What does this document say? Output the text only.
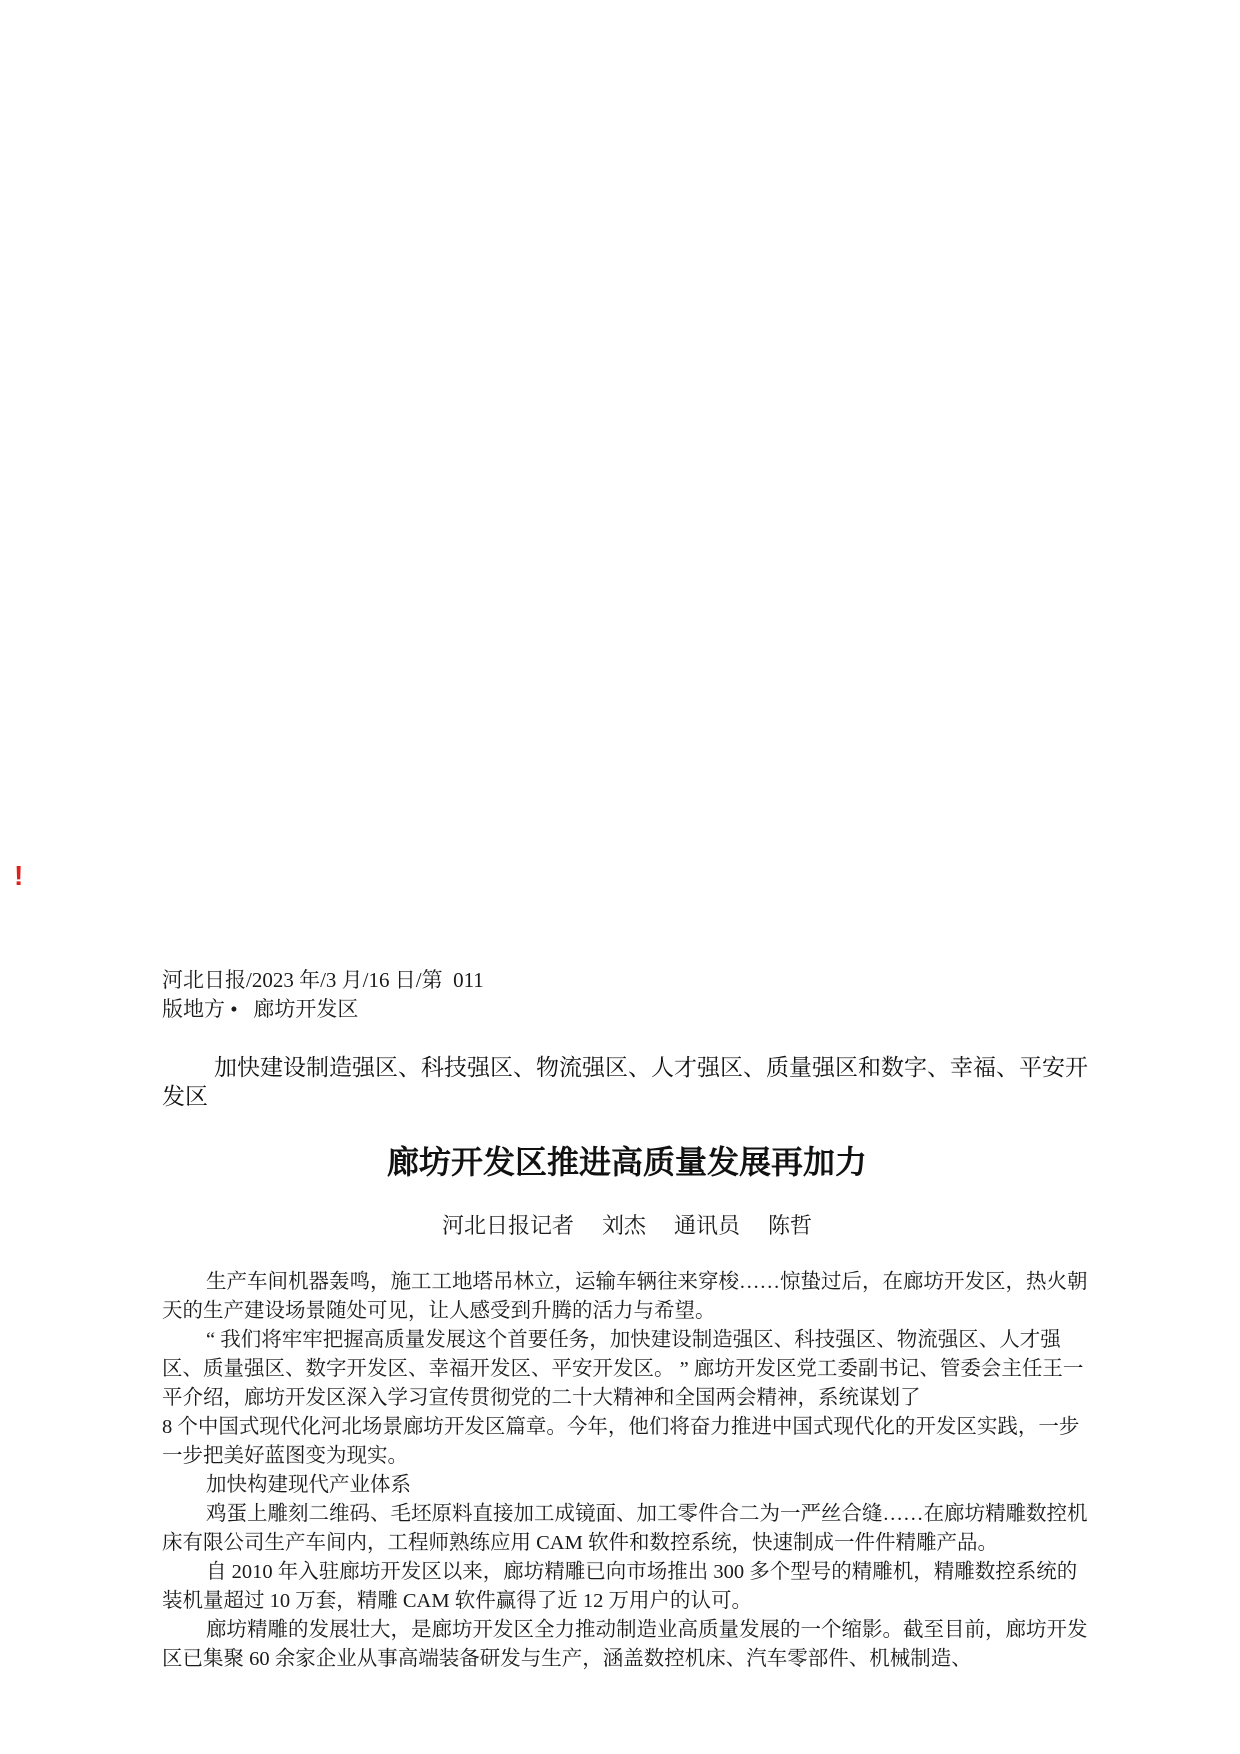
!
河北日报/2023 年/3 月/16 日/第  011
版地方 •   廊坊开发区
加快建设制造强区、科技强区、物流强区、人才强区、质量强区和数字、幸福、平安开发区
廊坊开发区推进高质量发展再加力
河北日报记者    刘杰    通讯员    陈哲

生产车间机器轰鸣，施工工地塔吊林立，运输车辆往来穿梭……惊蛰过后，在廊坊开发区，热火朝天的生产建设场景随处可见，让人感受到升腾的活力与希望。

“ 我们将牢牢把握高质量发展这个首要任务，加快建设制造强区、科技强区、物流强区、人才强区、质量强区、数字开发区、幸福开发区、平安开发区。 ” 廊坊开发区党工委副书记、管委会主任王一平介绍，廊坊开发区深入学习宣传贯彻党的二十大精神和全国两会精神，系统谋划了

8 个中国式现代化河北场景廊坊开发区篇章。今年，他们将奋力推进中国式现代化的开发区实践，一步一步把美好蓝图变为现实。

加快构建现代产业体系

鸡蛋上雕刻二维码、毛坯原料直接加工成镜面、加工零件合二为一严丝合缝……在廊坊精雕数控机床有限公司生产车间内，工程师熟练应用 CAM 软件和数控系统，快速制成一件件精雕产品。

自 2010 年入驻廊坊开发区以来，廊坊精雕已向市场推出 300 多个型号的精雕机，精雕数控系统的装机量超过 10 万套，精雕 CAM 软件赢得了近 12 万用户的认可。

廊坊精雕的发展壮大，是廊坊开发区全力推动制造业高质量发展的一个缩影。截至目前，廊坊开发区已集聚 60 余家企业从事高端装备研发与生产，涵盖数控机床、汽车零部件、机械制造、
